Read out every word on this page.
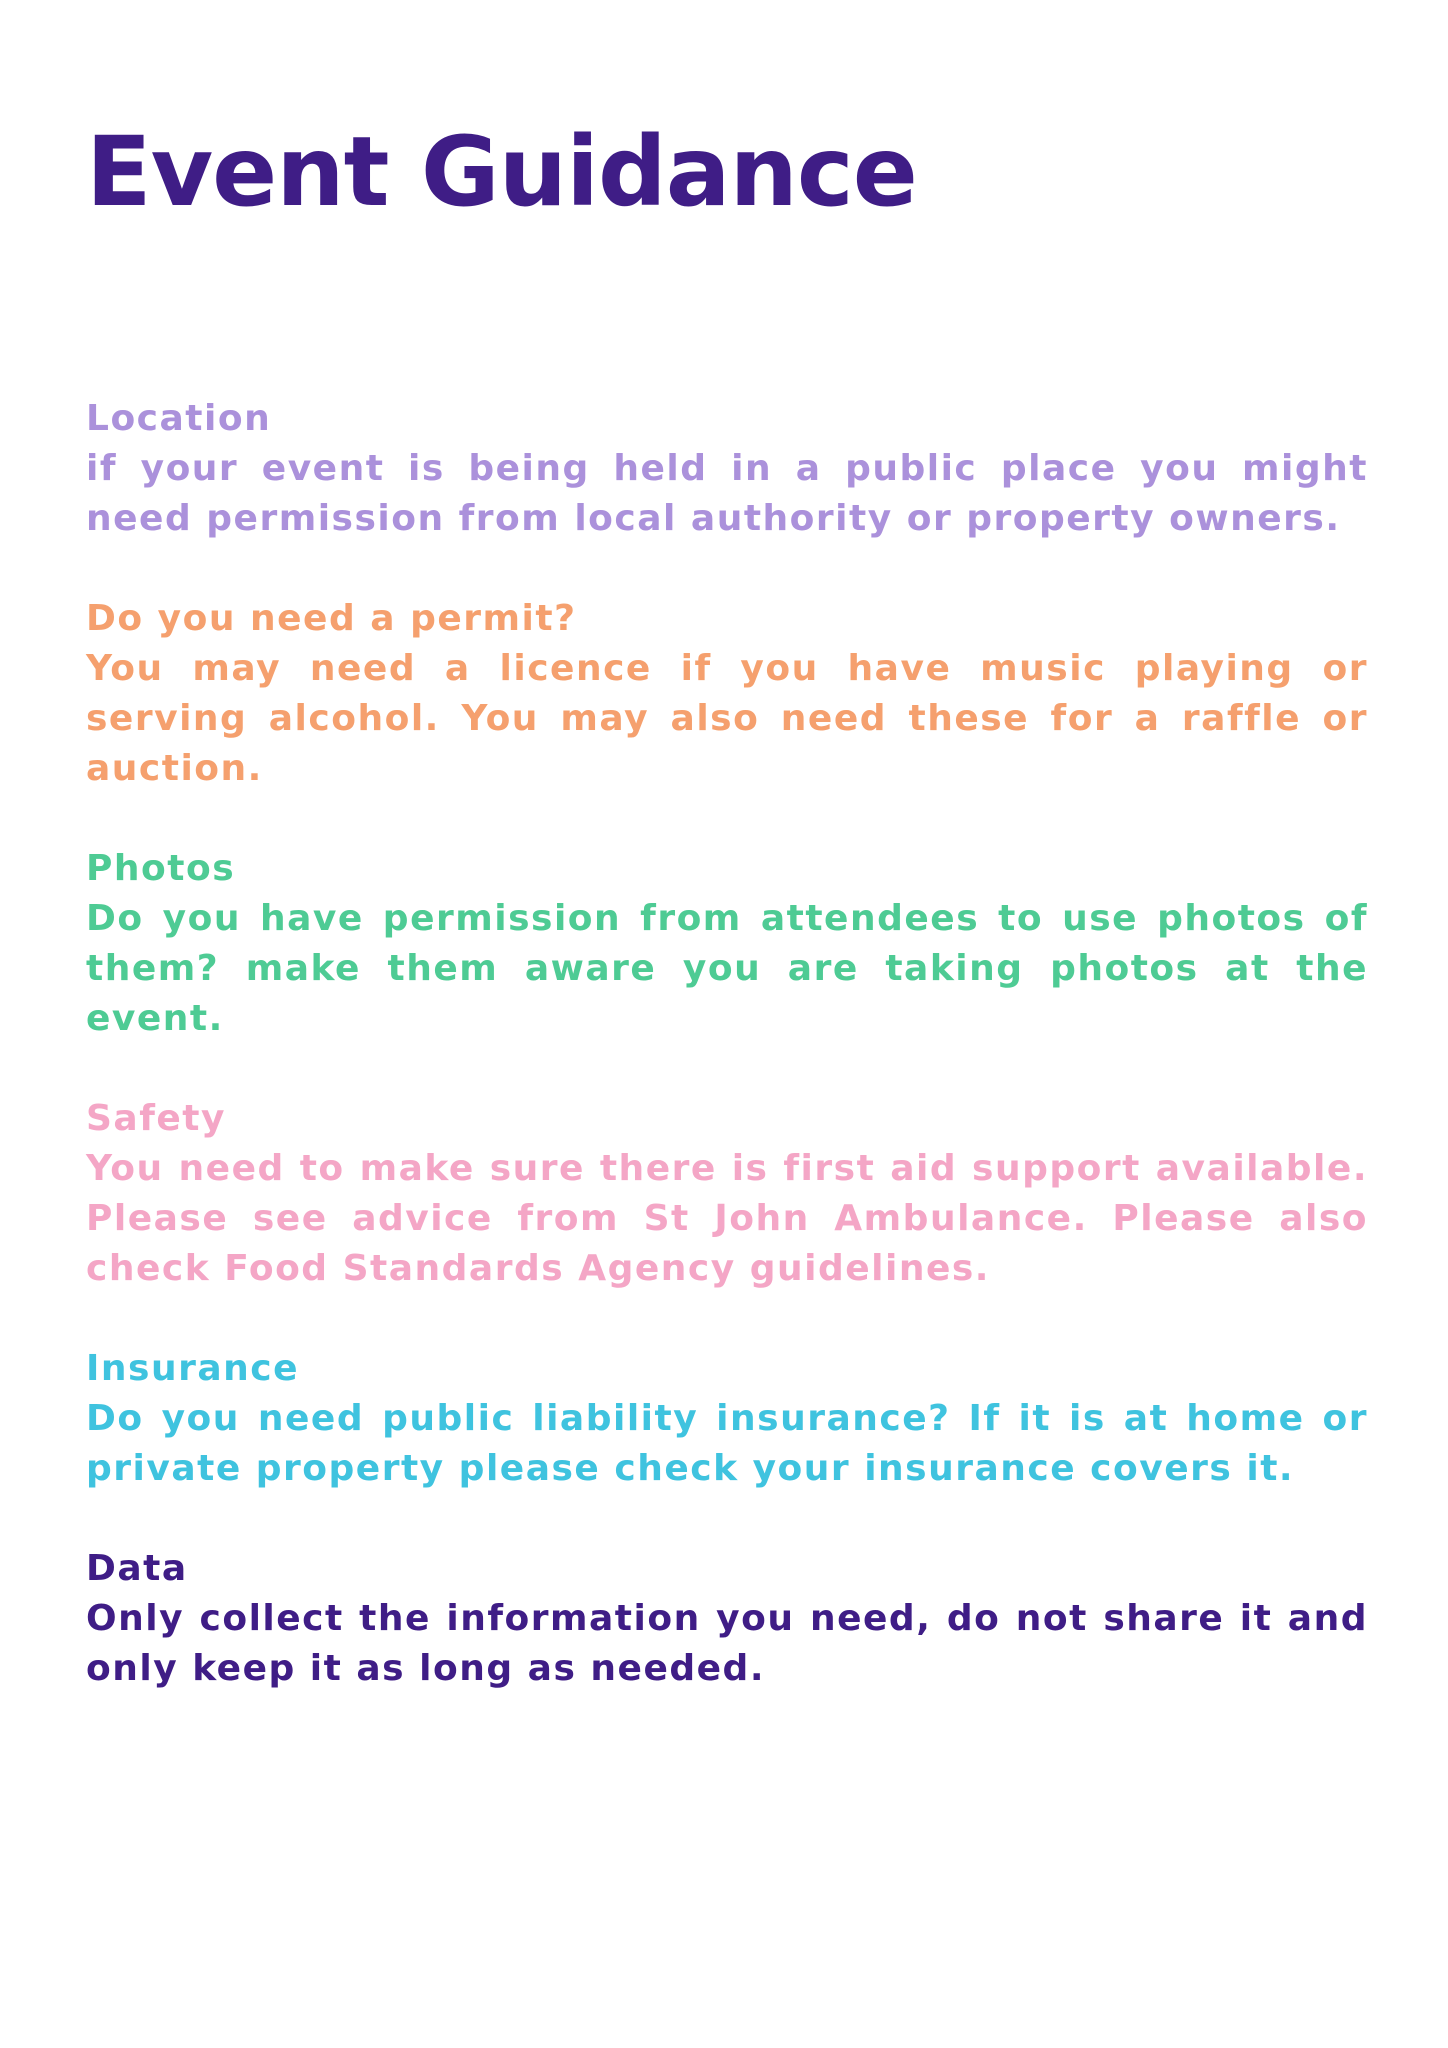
Event Guidance

Location

if your event is being held in a public place you might need permission from local authority or property owners.

Do you need a permit?

You may need a licence if you have music playing or serving alcohol. You may also need these for a raffle or auction.

Photos

Do you have permission from attendees to use photos of them? make them aware you are taking photos at the event.

Safety

You need to make sure there is first aid support available. Please see advice from St John Ambulance. Please also check Food Standards Agency guidelines.

Insurance

Do you need public liability insurance? If it is at home or private property please check your insurance covers it.

Data

Only collect the information you need, do not share it and only keep it as long as needed.
